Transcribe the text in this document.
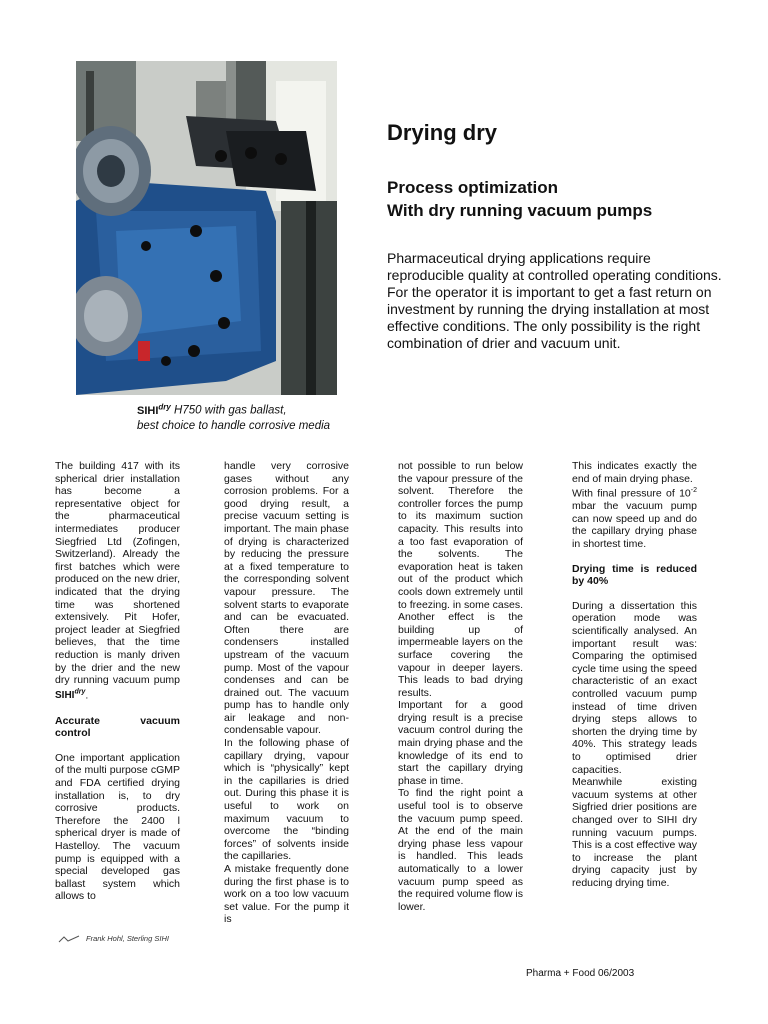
$SIHI^{dry}$ H750 with gas ballast,
best choice to handle corrosive media
Drying dry
Process optimization
With dry running vacuum pumps

Pharmaceutical drying applications require reproducible quality at controlled operating conditions. For the operator it is important to get a fast return on investment by running the drying installation at most effective conditions. The only possibility is the right combination of drier and vacuum unit.

The building 417 with its spherical drier installation has become a representative object for the pharmaceutical intermediates producer Siegfried Ltd (Zofingen, Switzerland). Already the first batches which were produced on the new drier, indicated that the drying time was shortened extensively. Pit Hofer, project leader at Siegfried believes, that the time reduction is manly driven by the drier and the new dry running vacuum pump $SIHI^{dry}$.

Accurate vacuum control

One important application of the multi purpose cGMP and FDA certified drying installation is, to dry corrosive products. Therefore the 2400 l spherical dryer is made of Hastelloy. The vacuum pump is equipped with a special developed gas ballast system which allows to

Frank Hohl, Sterling SIHI

handle very corrosive gases without any corrosion problems. For a good drying result, a precise vacuum setting is important. The main phase of drying is characterized by reducing the pressure at a fixed temperature to the corresponding solvent vapour pressure. The solvent starts to evaporate and can be evacuated. Often there are condensers installed upstream of the vacuum pump. Most of the vapour condenses and can be drained out. The vacuum pump has to handle only air leakage and non-condensable vapour.

In the following phase of capillary drying, vapour which is “physically” kept in the capillaries is dried out. During this phase it is useful to work on maximum vacuum to overcome the “binding forces” of solvents inside the capillaries.

A mistake frequently done during the first phase is to work on a too low vacuum set value. For the pump it is

not possible to run below the vapour pressure of the solvent. Therefore the controller forces the pump to its maximum suction capacity. This results into a too fast evaporation of the solvents. The evaporation heat is taken out of the product which cools down extremely until to freezing. in some cases. Another effect is the building up of impermeable layers on the surface covering the vapour in deeper layers. This leads to bad drying results.

Important for a good drying result is a precise vacuum control during the main drying phase and the knowledge of its end to start the capillary drying phase in time.

To find the right point a useful tool is to observe the vacuum pump speed. At the end of the main drying phase less vapour is handled. This leads automatically to a lower vacuum pump speed as the required volume flow is lower.

This indicates exactly the end of main drying phase.

With final pressure of $10^{-2}$ mbar the vacuum pump can now speed up and do the capillary drying phase in shortest time.

Drying time is reduced by 40%

During a dissertation this operation mode was scientifically analysed. An important result was: Comparing the optimised cycle time using the speed characteristic of an exact controlled vacuum pump instead of time driven drying steps allows to shorten the drying time by 40%. This strategy leads to optimised drier capacities.

Meanwhile existing vacuum systems at other Sigfried drier positions are changed over to SIHI dry running vacuum pumps. This is a cost effective way to increase the plant drying capacity just by reducing drying time.

Pharma + Food 06/2003
